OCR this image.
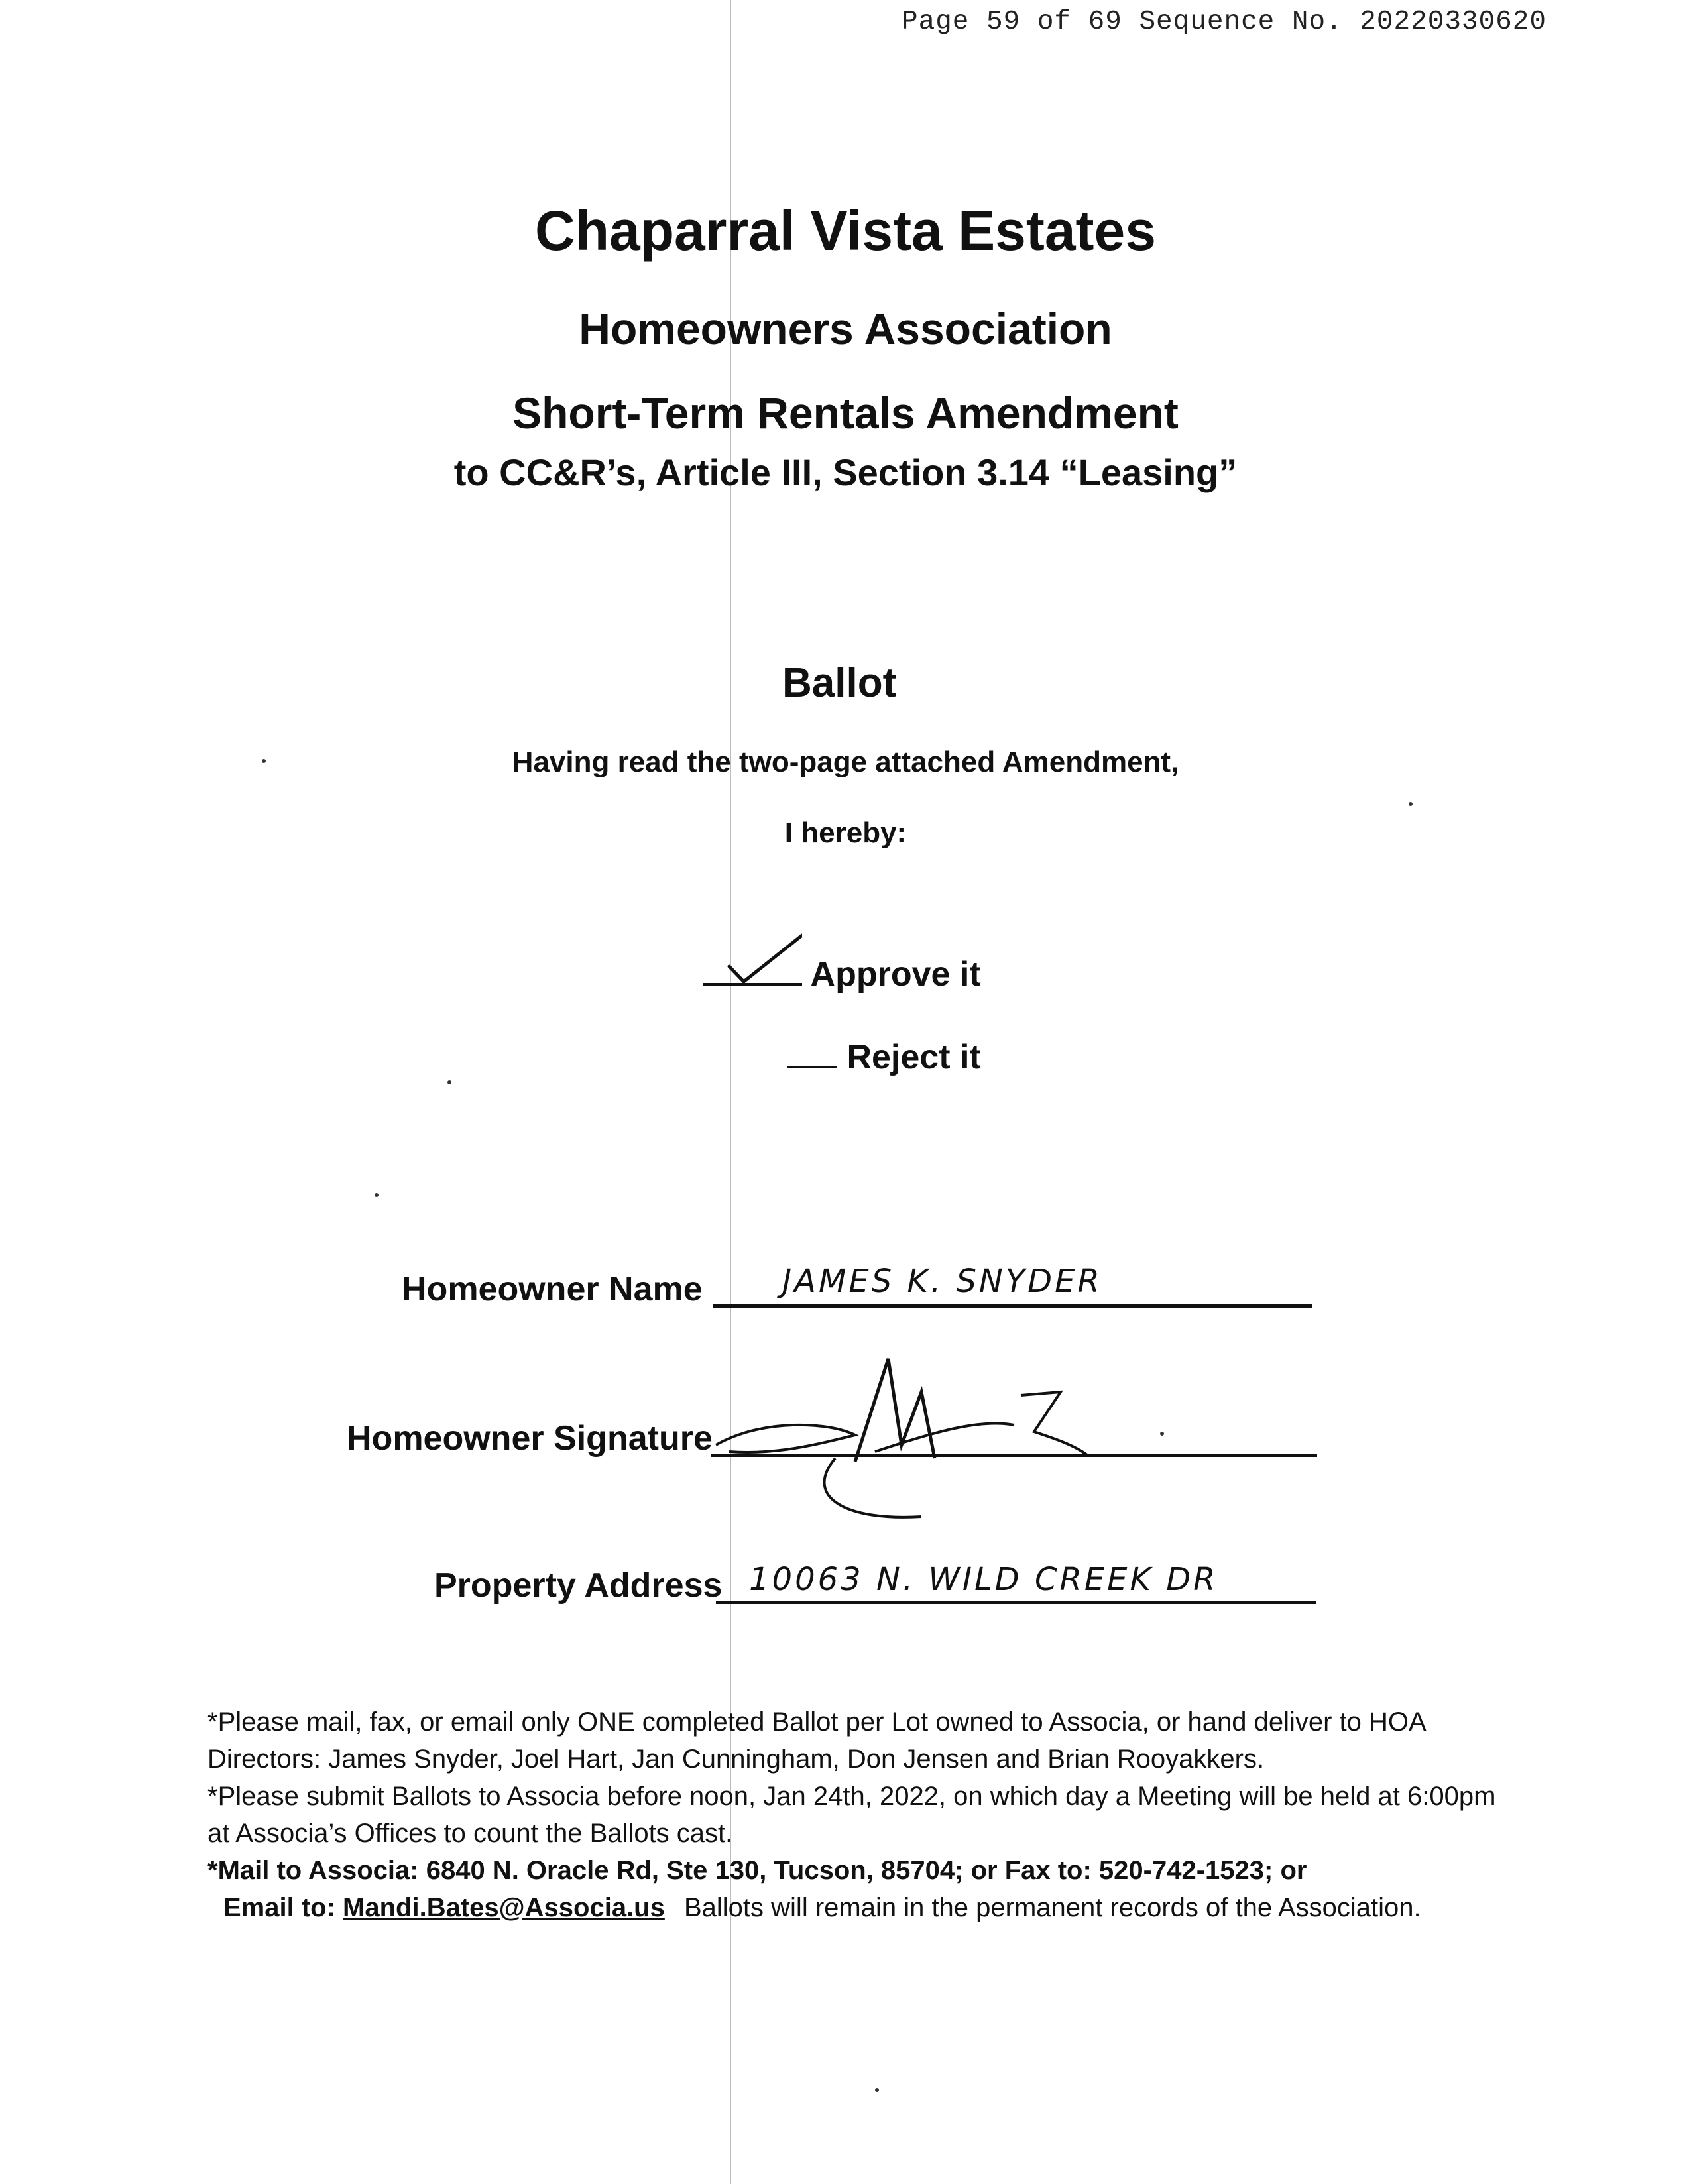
Page 59 of 69 Sequence No. 20220330620
Chaparral Vista Estates
Homeowners Association
Short-Term Rentals Amendment
to CC&R’s, Article III, Section 3.14 “Leasing”
Ballot
Having read the two-page attached Amendment,
I hereby:
Approve it
Reject it
Homeowner Name	JAMES K. SNYDER
Homeowner Signature
Property Address 10063 N. WILD CREEK DR
*Please mail, fax, or email only ONE completed Ballot per Lot owned to Associa, or hand deliver to HOA Directors: James Snyder, Joel Hart, Jan Cunningham, Don Jensen and Brian Rooyakkers.
*Please submit Ballots to Associa before noon, Jan 24th, 2022, on which day a Meeting will be held at 6:00pm at Associa’s Offices to count the Ballots cast.
*Mail to Associa: 6840 N. Oracle Rd, Ste 130, Tucson, 85704; or Fax to: 520-742-1523; or
Email to: Mandi.Bates@Associa.us Ballots will remain in the permanent records of the Association.
